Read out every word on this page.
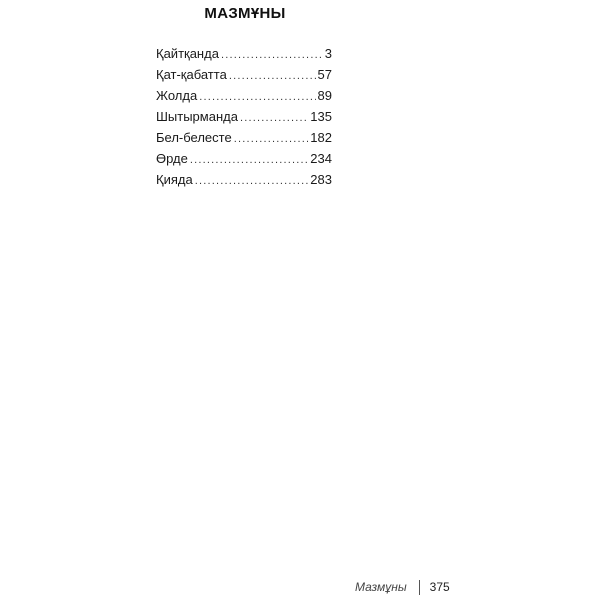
МАЗМҰНЫ
Қайтқанда .....	3
Қат-қабатта .....	57
Жолда .....	89
Шытырманда .....	135
Бел-белесте .....	182
Өрде .....	234
Қияда .....	283
Мазмұны 375
